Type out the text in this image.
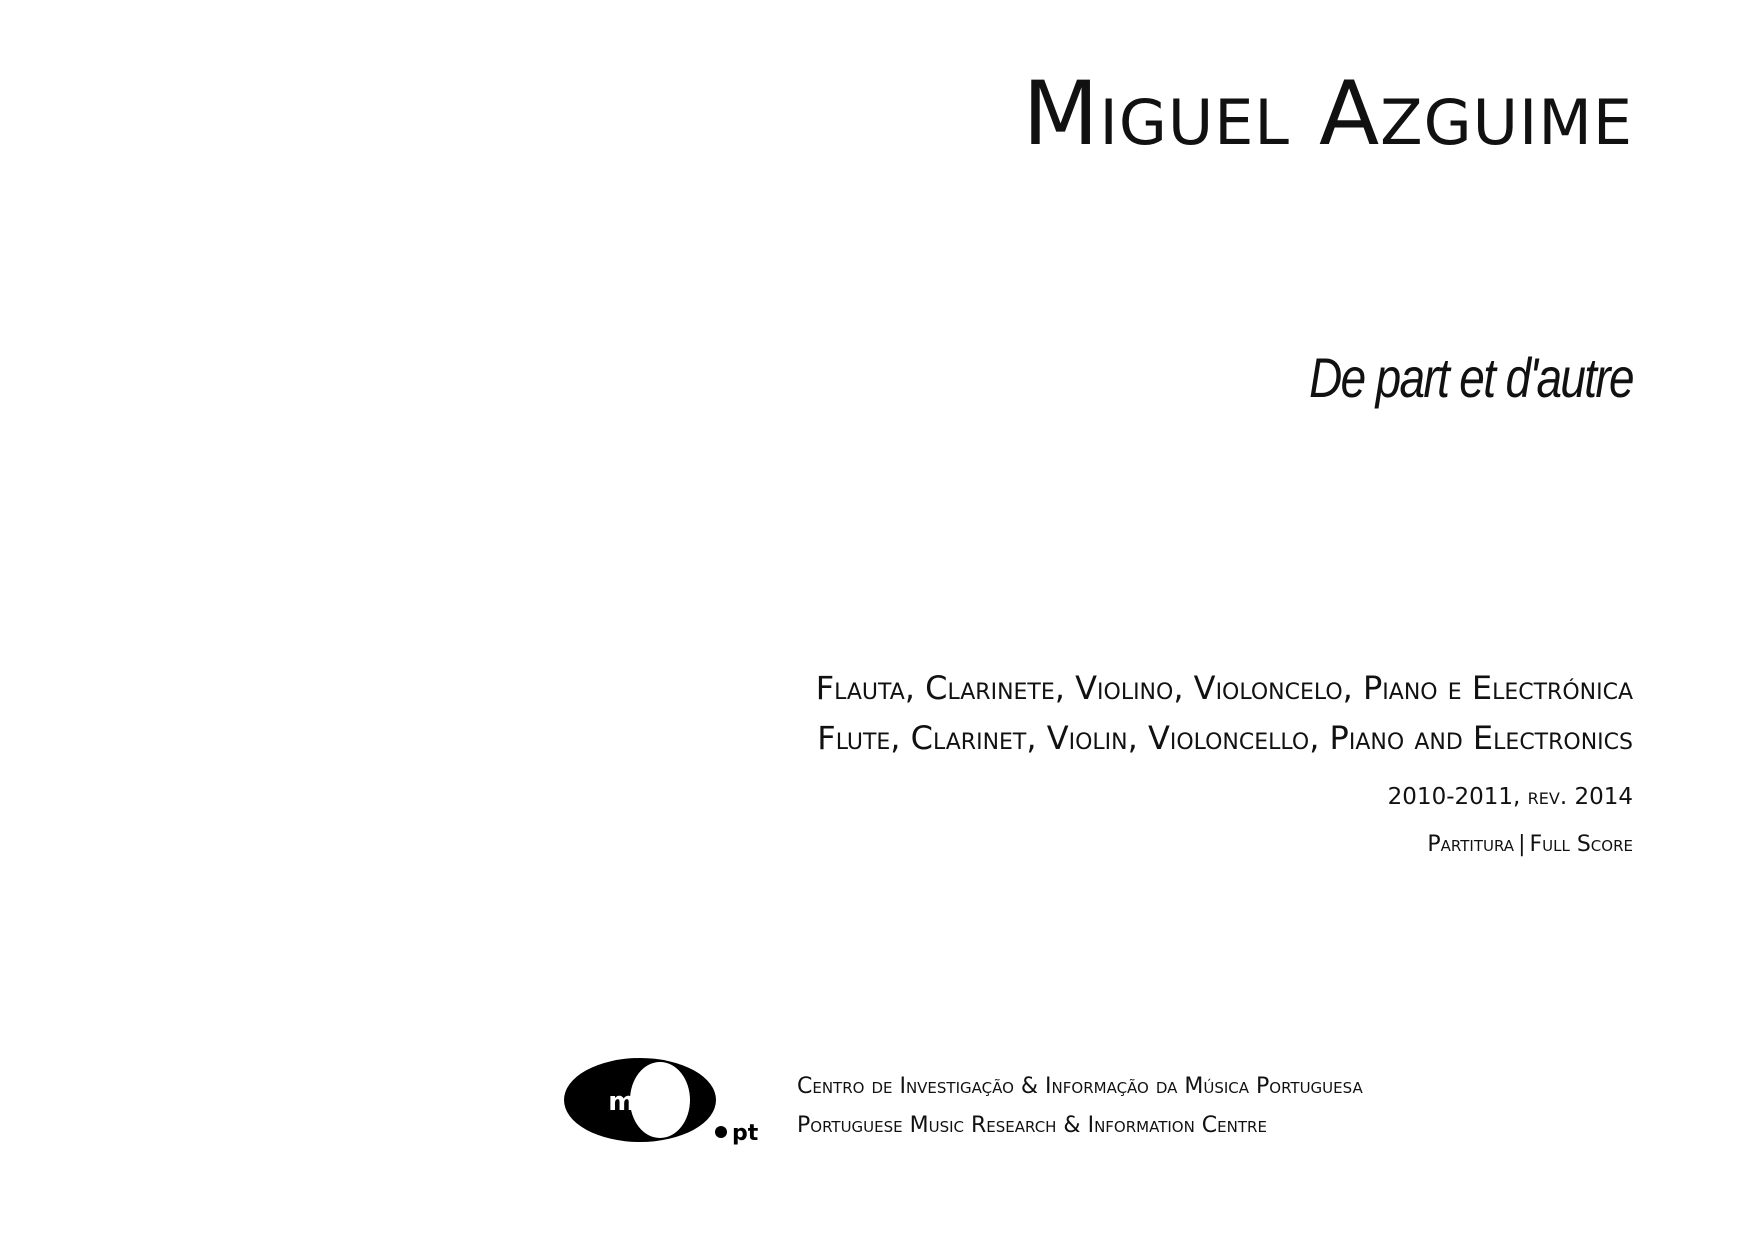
Miguel Azguime
De part et d'autre

Flauta, Clarinete, Violino, Violoncelo, Piano e Electrónica

Flute, Clarinet, Violin, Violoncello, Piano and Electronics

2010-2011, rev. 2014

Partitura | Full Score

mic
pt

Centro de Investigação & Informação da Música Portuguesa

Portuguese Music Research & Information Centre
